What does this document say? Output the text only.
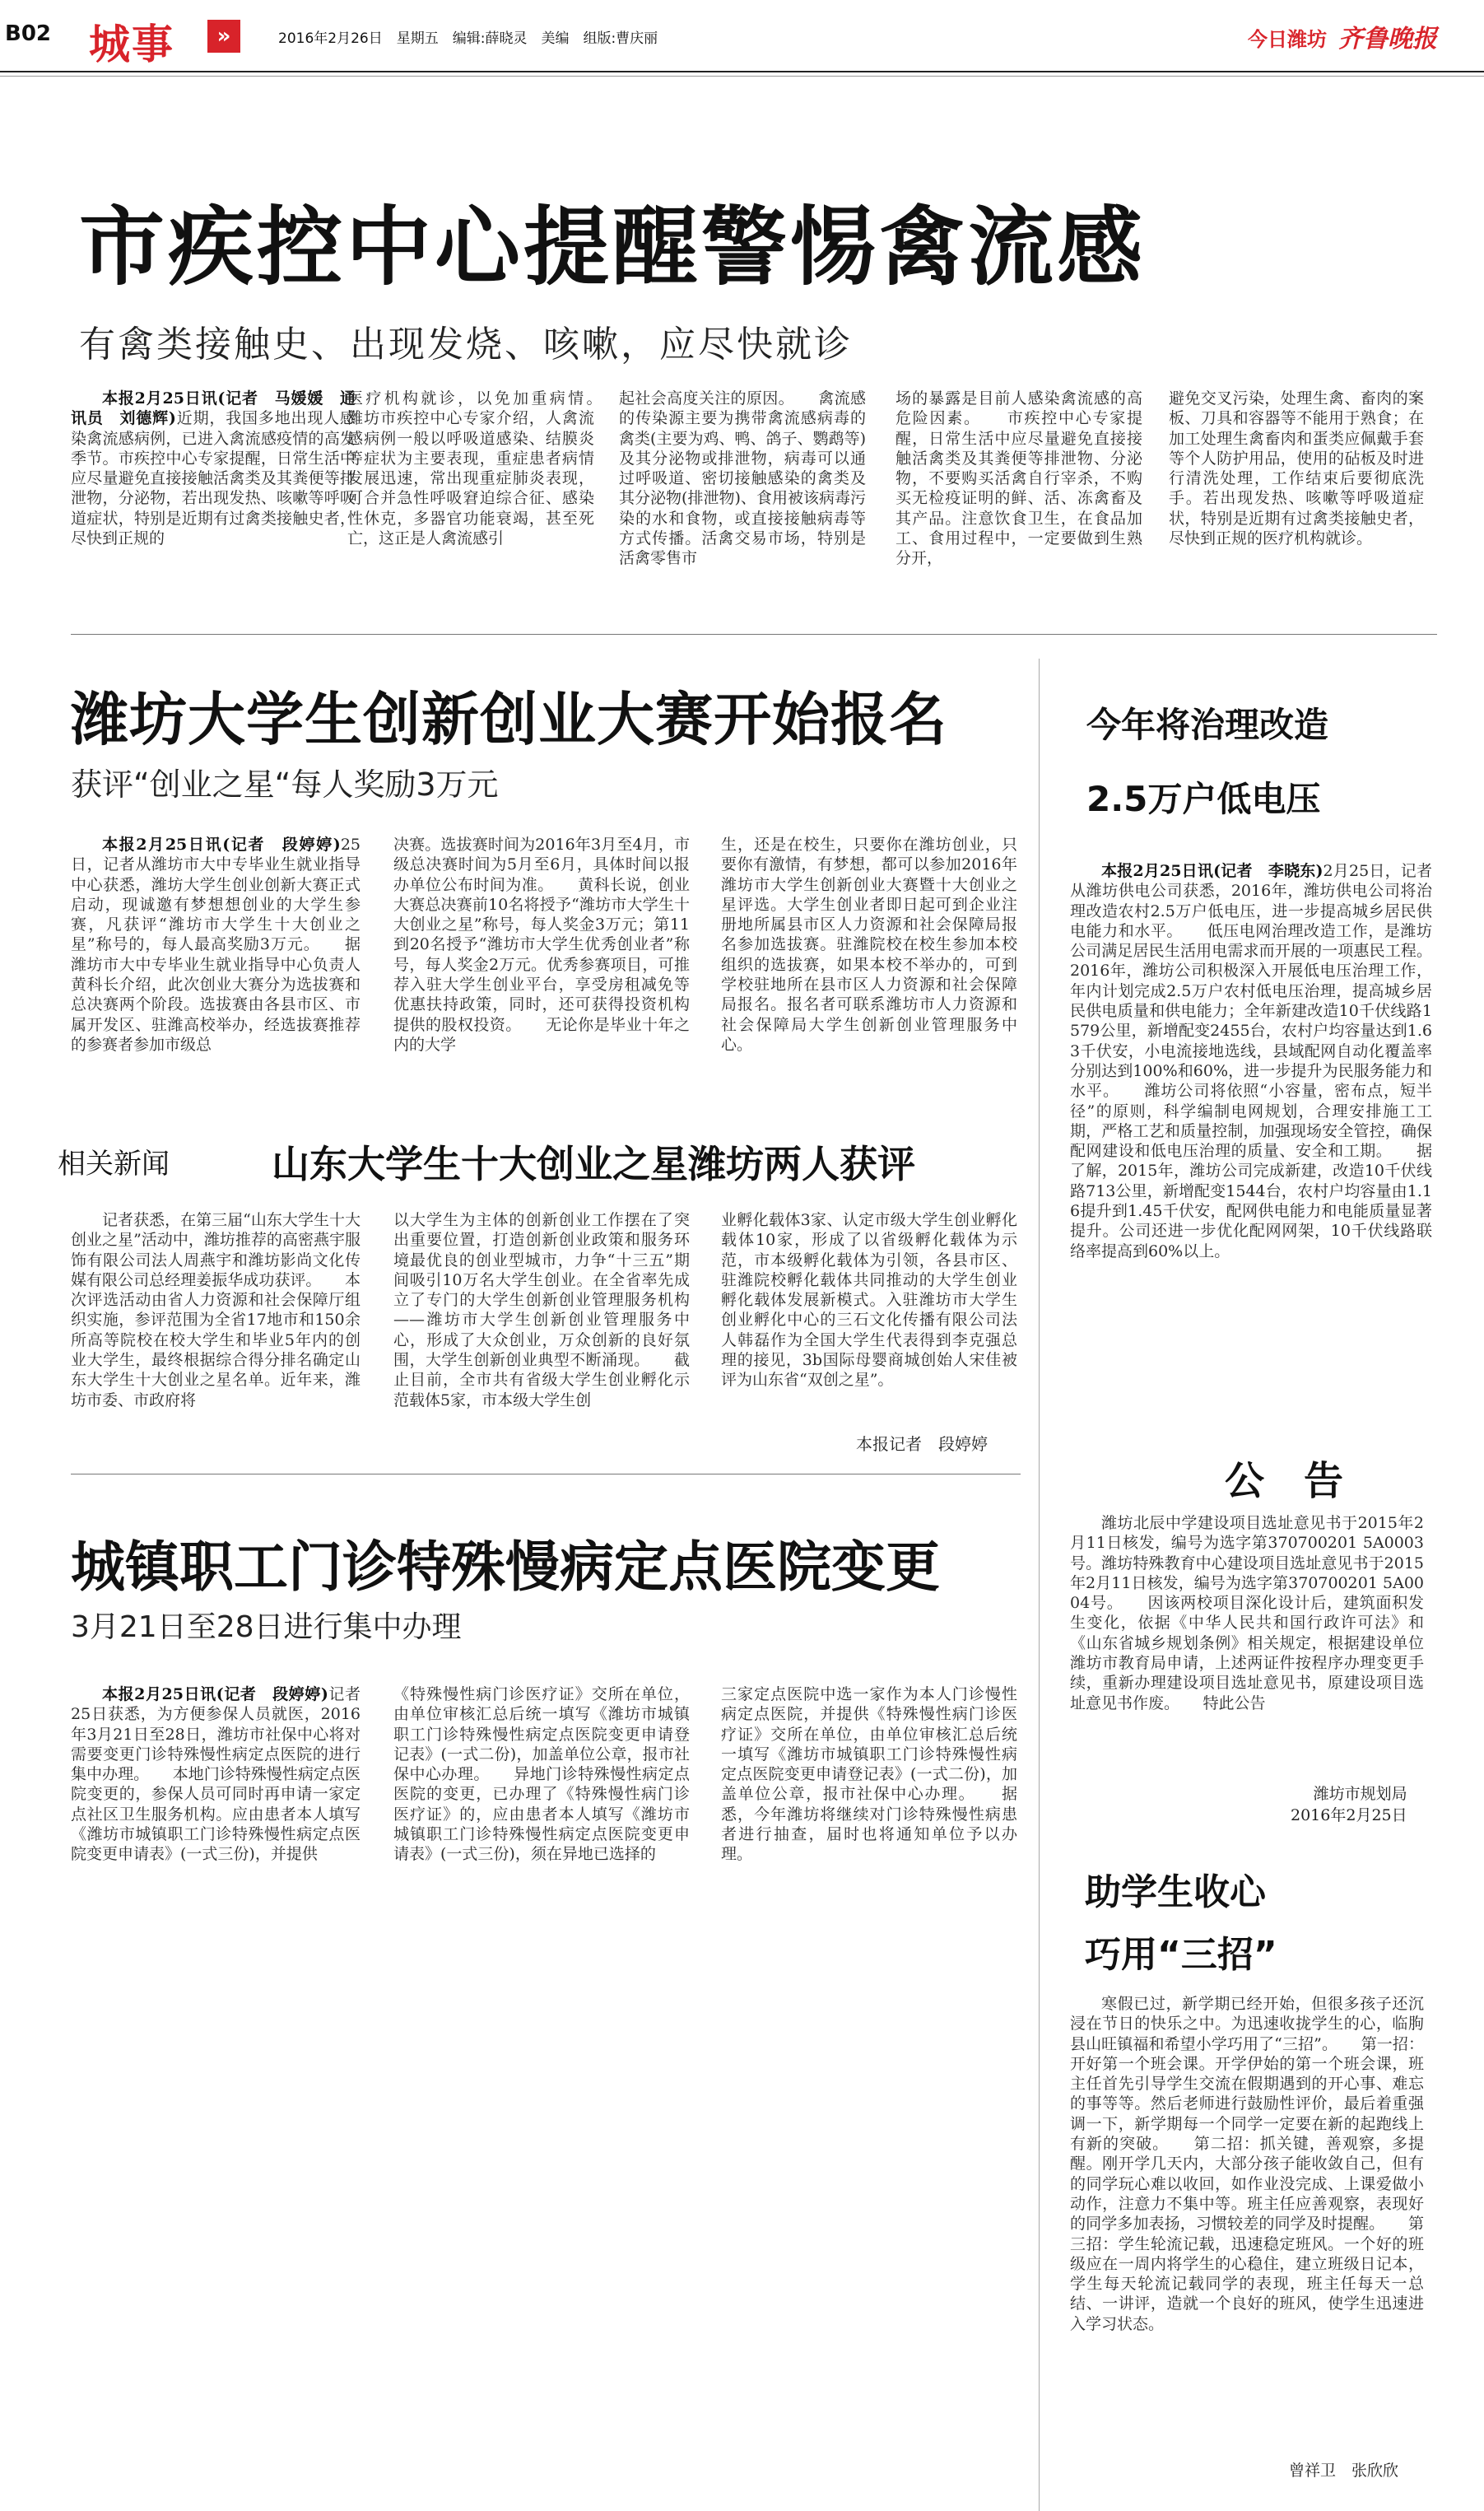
B02 城事	»	2016年2月26日　星期五　编辑:薛晓灵　美编　组版:曹庆丽	今日潍坊 齐鲁晚报
市疾控中心提醒警惕禽流感
有禽类接触史、出现发烧、咳嗽，应尽快就诊

本报2月25日讯(记者　马媛媛　通讯员　刘德辉)近期，我国多地出现人感染禽流感病例，已进入禽流感疫情的高发季节。市疾控中心专家提醒，日常生活中应尽量避免直接接触活禽类及其粪便等排泄物，分泌物，若出现发热、咳嗽等呼吸道症状，特别是近期有过禽类接触史者，尽快到正规的

医疗机构就诊，以免加重病情。　　潍坊市疾控中心专家介绍，人禽流感病例一般以呼吸道感染、结膜炎等症状为主要表现，重症患者病情发展迅速，常出现重症肺炎表现，可合并急性呼吸窘迫综合征、感染性休克，多器官功能衰竭，甚至死亡，这正是人禽流感引

起社会高度关注的原因。　　禽流感的传染源主要为携带禽流感病毒的禽类(主要为鸡、鸭、鸽子、鹦鹉等)及其分泌物或排泄物，病毒可以通过呼吸道、密切接触感染的禽类及其分泌物(排泄物)、食用被该病毒污染的水和食物，或直接接触病毒等方式传播。活禽交易市场，特别是活禽零售市

场的暴露是目前人感染禽流感的高危险因素。　　市疾控中心专家提醒，日常生活中应尽量避免直接接触活禽类及其粪便等排泄物、分泌物，不要购买活禽自行宰杀，不购买无检疫证明的鲜、活、冻禽畜及其产品。注意饮食卫生，在食品加工、食用过程中，一定要做到生熟分开，

避免交叉污染，处理生禽、畜肉的案板、刀具和容器等不能用于熟食；在加工处理生禽畜肉和蛋类应佩戴手套等个人防护用品，使用的砧板及时进行清洗处理，工作结束后要彻底洗手。若出现发热、咳嗽等呼吸道症状，特别是近期有过禽类接触史者，尽快到正规的医疗机构就诊。

潍坊大学生创新创业大赛开始报名
获评“创业之星“每人奖励3万元

本报2月25日讯(记者　段婷婷)25日，记者从潍坊市大中专毕业生就业指导中心获悉，潍坊大学生创业创新大赛正式启动，现诚邀有梦想想创业的大学生参赛，凡获评“潍坊市大学生十大创业之星”称号的，每人最高奖励3万元。　　据潍坊市大中专毕业生就业指导中心负责人黄科长介绍，此次创业大赛分为选拔赛和总决赛两个阶段。选拔赛由各县市区、市属开发区、驻潍高校举办，经选拔赛推荐的参赛者参加市级总

决赛。选拔赛时间为2016年3月至4月，市级总决赛时间为5月至6月，具体时间以报办单位公布时间为准。　　黄科长说，创业大赛总决赛前10名将授予“潍坊市大学生十大创业之星”称号，每人奖金3万元；第11到20名授予“潍坊市大学生优秀创业者”称号，每人奖金2万元。优秀参赛项目，可推荐入驻大学生创业平台，享受房租减免等优惠扶持政策，同时，还可获得投资机构提供的股权投资。　　无论你是毕业十年之内的大学

生，还是在校生，只要你在潍坊创业，只要你有激情，有梦想，都可以参加2016年潍坊市大学生创新创业大赛暨十大创业之星评选。大学生创业者即日起可到企业注册地所属县市区人力资源和社会保障局报名参加选拔赛。驻潍院校在校生参加本校组织的选拔赛，如果本校不举办的，可到学校驻地所在县市区人力资源和社会保障局报名。报名者可联系潍坊市人力资源和社会保障局大学生创新创业管理服务中心。

相关新闻	山东大学生十大创业之星潍坊两人获评

记者获悉，在第三届“山东大学生十大创业之星”活动中，潍坊推荐的高密燕宇服饰有限公司法人周燕宇和潍坊影尚文化传媒有限公司总经理姜振华成功获评。　　本次评选活动由省人力资源和社会保障厅组织实施，参评范围为全省17地市和150余所高等院校在校大学生和毕业5年内的创业大学生，最终根据综合得分排名确定山东大学生十大创业之星名单。近年来，潍坊市委、市政府将

以大学生为主体的创新创业工作摆在了突出重要位置，打造创新创业政策和服务环境最优良的创业型城市，力争“十三五”期间吸引10万名大学生创业。在全省率先成立了专门的大学生创新创业管理服务机构——潍坊市大学生创新创业管理服务中心，形成了大众创业，万众创新的良好氛围，大学生创新创业典型不断涌现。　　截止目前，全市共有省级大学生创业孵化示范载体5家，市本级大学生创

业孵化载体3家、认定市级大学生创业孵化载体10家，形成了以省级孵化载体为示范，市本级孵化载体为引领，各县市区、驻潍院校孵化载体共同推动的大学生创业孵化载体发展新模式。入驻潍坊市大学生创业孵化中心的三石文化传播有限公司法人韩磊作为全国大学生代表得到李克强总理的接见，3b国际母婴商城创始人宋佳被评为山东省“双创之星”。

本报记者　段婷婷
城镇职工门诊特殊慢病定点医院变更
3月21日至28日进行集中办理

本报2月25日讯(记者　段婷婷)记者25日获悉，为方便参保人员就医，2016年3月21日至28日，潍坊市社保中心将对需要变更门诊特殊慢性病定点医院的进行集中办理。　　本地门诊特殊慢性病定点医院变更的，参保人员可同时再申请一家定点社区卫生服务机构。应由患者本人填写《潍坊市城镇职工门诊特殊慢性病定点医院变更申请表》(一式三份)，并提供

《特殊慢性病门诊医疗证》交所在单位，由单位审核汇总后统一填写《潍坊市城镇职工门诊特殊慢性病定点医院变更申请登记表》(一式二份)，加盖单位公章，报市社保中心办理。　　异地门诊特殊慢性病定点医院的变更，已办理了《特殊慢性病门诊医疗证》的，应由患者本人填写《潍坊市城镇职工门诊特殊慢性病定点医院变更申请表》(一式三份)，须在异地已选择的

三家定点医院中选一家作为本人门诊慢性病定点医院，并提供《特殊慢性病门诊医疗证》交所在单位，由单位审核汇总后统一填写《潍坊市城镇职工门诊特殊慢性病定点医院变更申请登记表》(一式二份)，加盖单位公章，报市社保中心办理。　　据悉，今年潍坊将继续对门诊特殊慢性病患者进行抽查，届时也将通知单位予以办理。

今年将治理改造
2.5万户低电压

本报2月25日讯(记者　李晓东)2月25日，记者从潍坊供电公司获悉，2016年，潍坊供电公司将治理改造农村2.5万户低电压，进一步提高城乡居民供电能力和水平。　　低压电网治理改造工作，是潍坊公司满足居民生活用电需求而开展的一项惠民工程。2016年，潍坊公司积极深入开展低电压治理工作，年内计划完成2.5万户农村低电压治理，提高城乡居民供电质量和供电能力；全年新建改造10千伏线路1579公里，新增配变2455台，农村户均容量达到1.63千伏安，小电流接地选线，县域配网自动化覆盖率分别达到100%和60%，进一步提升为民服务能力和水平。　　潍坊公司将依照“小容量，密布点，短半径”的原则，科学编制电网规划，合理安排施工工期，严格工艺和质量控制，加强现场安全管控，确保配网建设和低电压治理的质量、安全和工期。　　据了解，2015年，潍坊公司完成新建，改造10千伏线路713公里，新增配变1544台，农村户均容量由1.16提升到1.45千伏安，配网供电能力和电能质量显著提升。公司还进一步优化配网网架，10千伏线路联络率提高到60%以上。

公　告

潍坊北辰中学建设项目选址意见书于2015年2月11日核发，编号为选字第370700201 5A0003号。潍坊特殊教育中心建设项目选址意见书于2015年2月11日核发，编号为选字第370700201 5A0004号。　　因该两校项目深化设计后，建筑面积发生变化，依据《中华人民共和国行政许可法》和《山东省城乡规划条例》相关规定，根据建设单位潍坊市教育局申请，上述两证件按程序办理变更手续，重新办理建设项目选址意见书，原建设项目选址意见书作废。　　特此公告

潍坊市规划局
2016年2月25日
助学生收心
巧用“三招”

寒假已过，新学期已经开始，但很多孩子还沉浸在节日的快乐之中。为迅速收拢学生的心，临朐县山旺镇福和希望小学巧用了“三招”。　　第一招：开好第一个班会课。开学伊始的第一个班会课，班主任首先引导学生交流在假期遇到的开心事、难忘的事等等。然后老师进行鼓励性评价，最后着重强调一下，新学期每一个同学一定要在新的起跑线上有新的突破。　　第二招：抓关键，善观察，多提醒。刚开学几天内，大部分孩子能收敛自己，但有的同学玩心难以收回，如作业没完成、上课爱做小动作，注意力不集中等。班主任应善观察，表现好的同学多加表扬，习惯较差的同学及时提醒。　　第三招：学生轮流记载，迅速稳定班风。一个好的班级应在一周内将学生的心稳住，建立班级日记本，学生每天轮流记载同学的表现，班主任每天一总结、一讲评，造就一个良好的班风，使学生迅速进入学习状态。

曾祥卫　张欣欣
